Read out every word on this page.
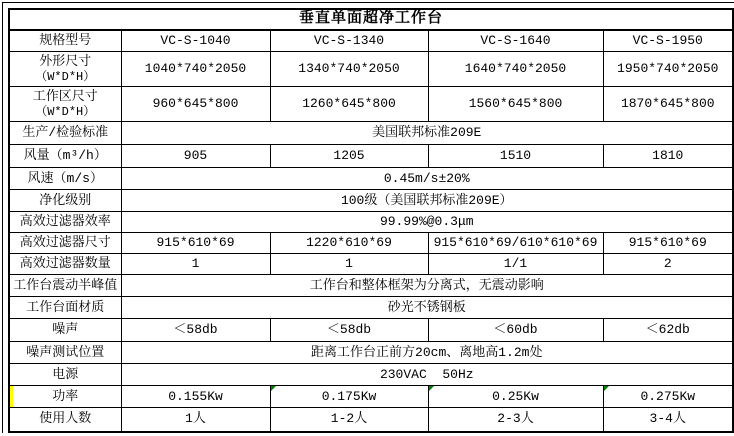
垂直单面超净工作台				
规格型号	VC-S-1040	VC-S-1340	VC-S-1640	VC-S-1950

外形尺寸
（W*D*H）	1040*740*2050	1340*740*2050	1640*740*2050	1950*740*2050

工作区尺寸
（W*D*H）	960*645*800	1260*645*800	1560*645*800	1870*645*800
生产/检验标准	美国联邦标准209E			
风量（m³/h）	905	1205	1510	1810
风速（m/s）	0.45m/s±20%			
净化级别	100级（美国联邦标准209E）			
高效过滤器效率	99.99%@0.3μm			
高效过滤器尺寸	915*610*69	1220*610*69	915*610*69/610*610*69	915*610*69
高效过滤器数量	1	1	1/1	2
工作台震动半峰值	工作台和整体框架为分离式，无震动影响			
工作台面材质	砂光不锈钢板			
噪声	＜58db	＜58db	＜60db	＜62db
噪声测试位置	距离工作台正前方20cm、离地高1.2m处			
电源	230VAC  50Hz			
功率	0.155Kw	0.175Kw	0.25Kw	0.275Kw

使用人数	1人	1-2人	2-3人	3-4人
